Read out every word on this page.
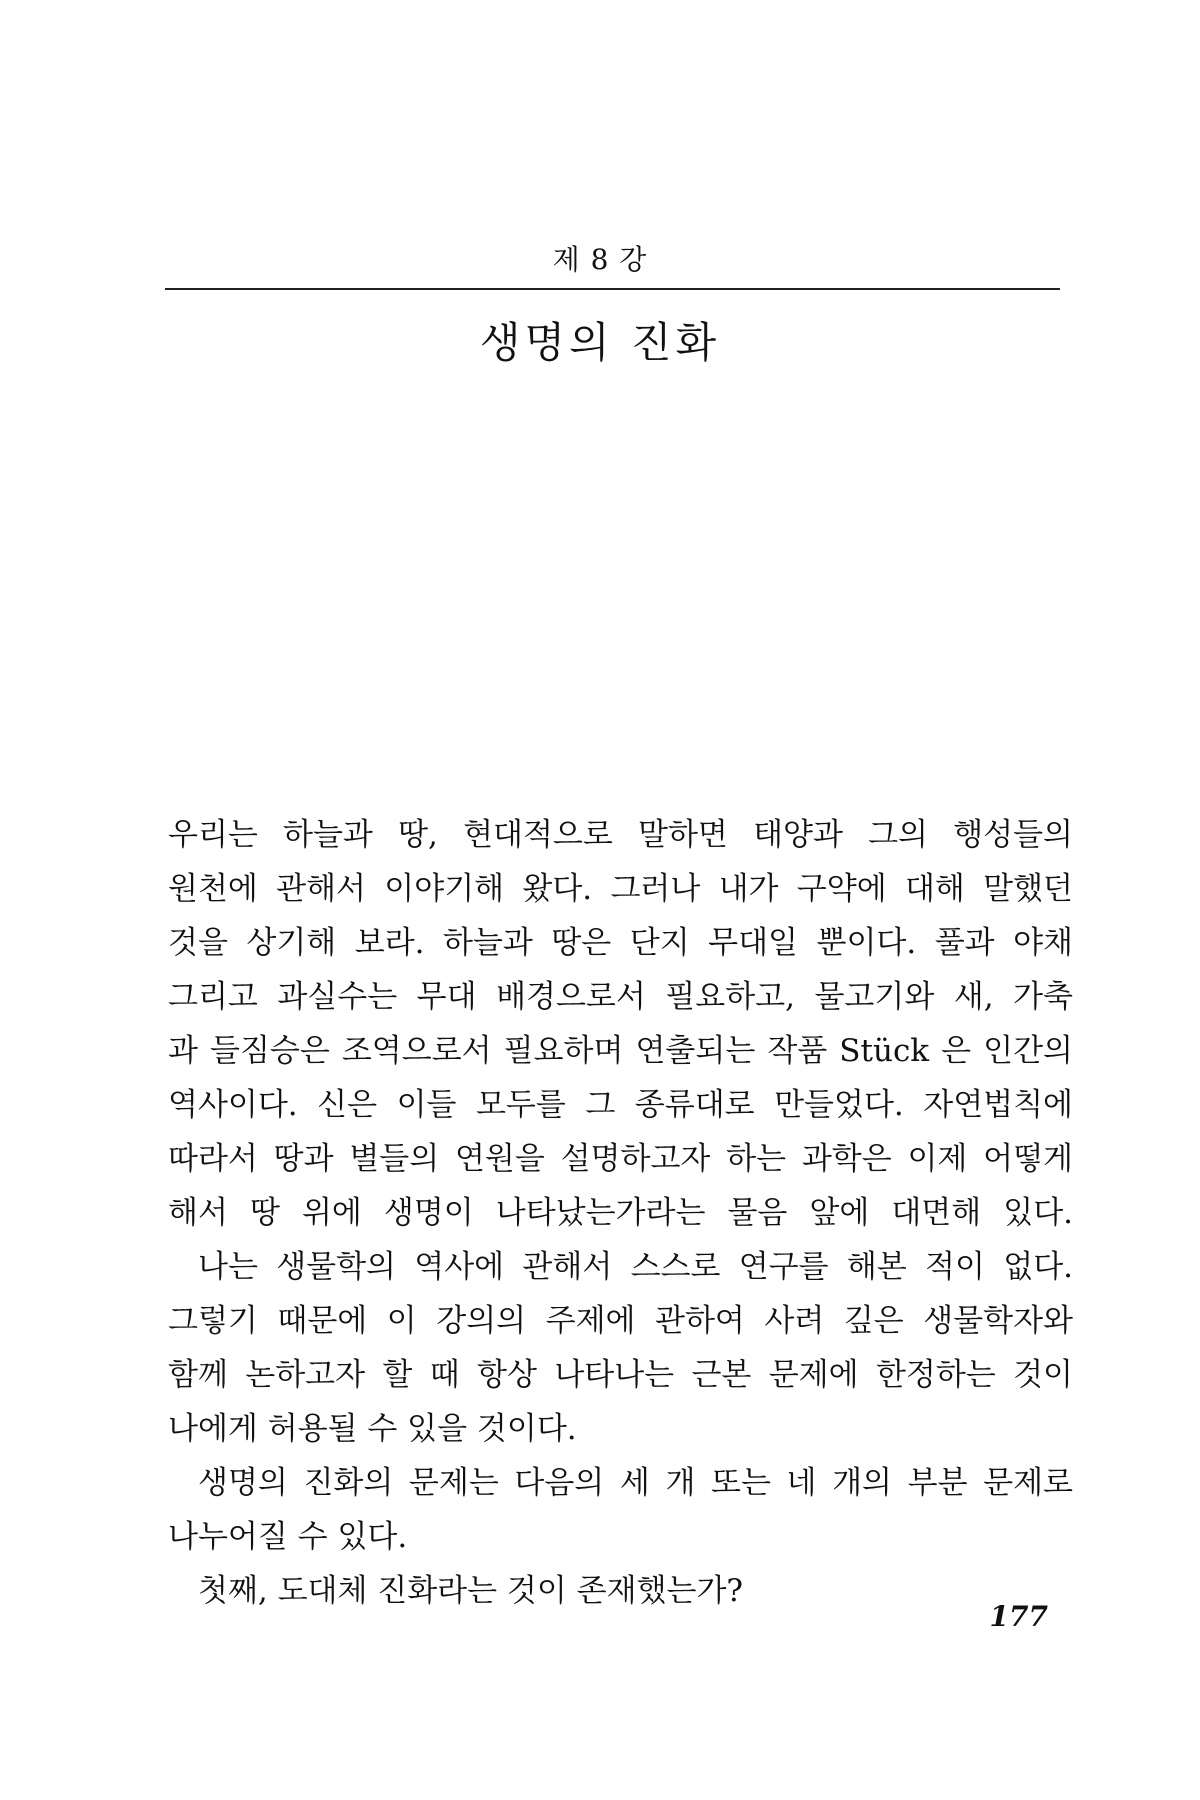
제 8 강
생명의 진화
우리는 하늘과 땅, 현대적으로 말하면 태양과 그의 행성들의
원천에 관해서 이야기해 왔다. 그러나 내가 구약에 대해 말했던
것을 상기해 보라. 하늘과 땅은 단지 무대일 뿐이다. 풀과 야채
그리고 과실수는 무대 배경으로서 필요하고, 물고기와 새, 가축
과 들짐승은 조역으로서 필요하며 연출되는 작품 Stück 은 인간의
역사이다. 신은 이들 모두를 그 종류대로 만들었다. 자연법칙에
따라서 땅과 별들의 연원을 설명하고자 하는 과학은 이제 어떻게
해서 땅 위에 생명이 나타났는가라는 물음 앞에 대면해 있다.
나는 생물학의 역사에 관해서 스스로 연구를 해본 적이 없다.
그렇기 때문에 이 강의의 주제에 관하여 사려 깊은 생물학자와
함께 논하고자 할 때 항상 나타나는 근본 문제에 한정하는 것이
나에게 허용될 수 있을 것이다.
생명의 진화의 문제는 다음의 세 개 또는 네 개의 부분 문제로
나누어질 수 있다.
첫째, 도대체 진화라는 것이 존재했는가?
177
